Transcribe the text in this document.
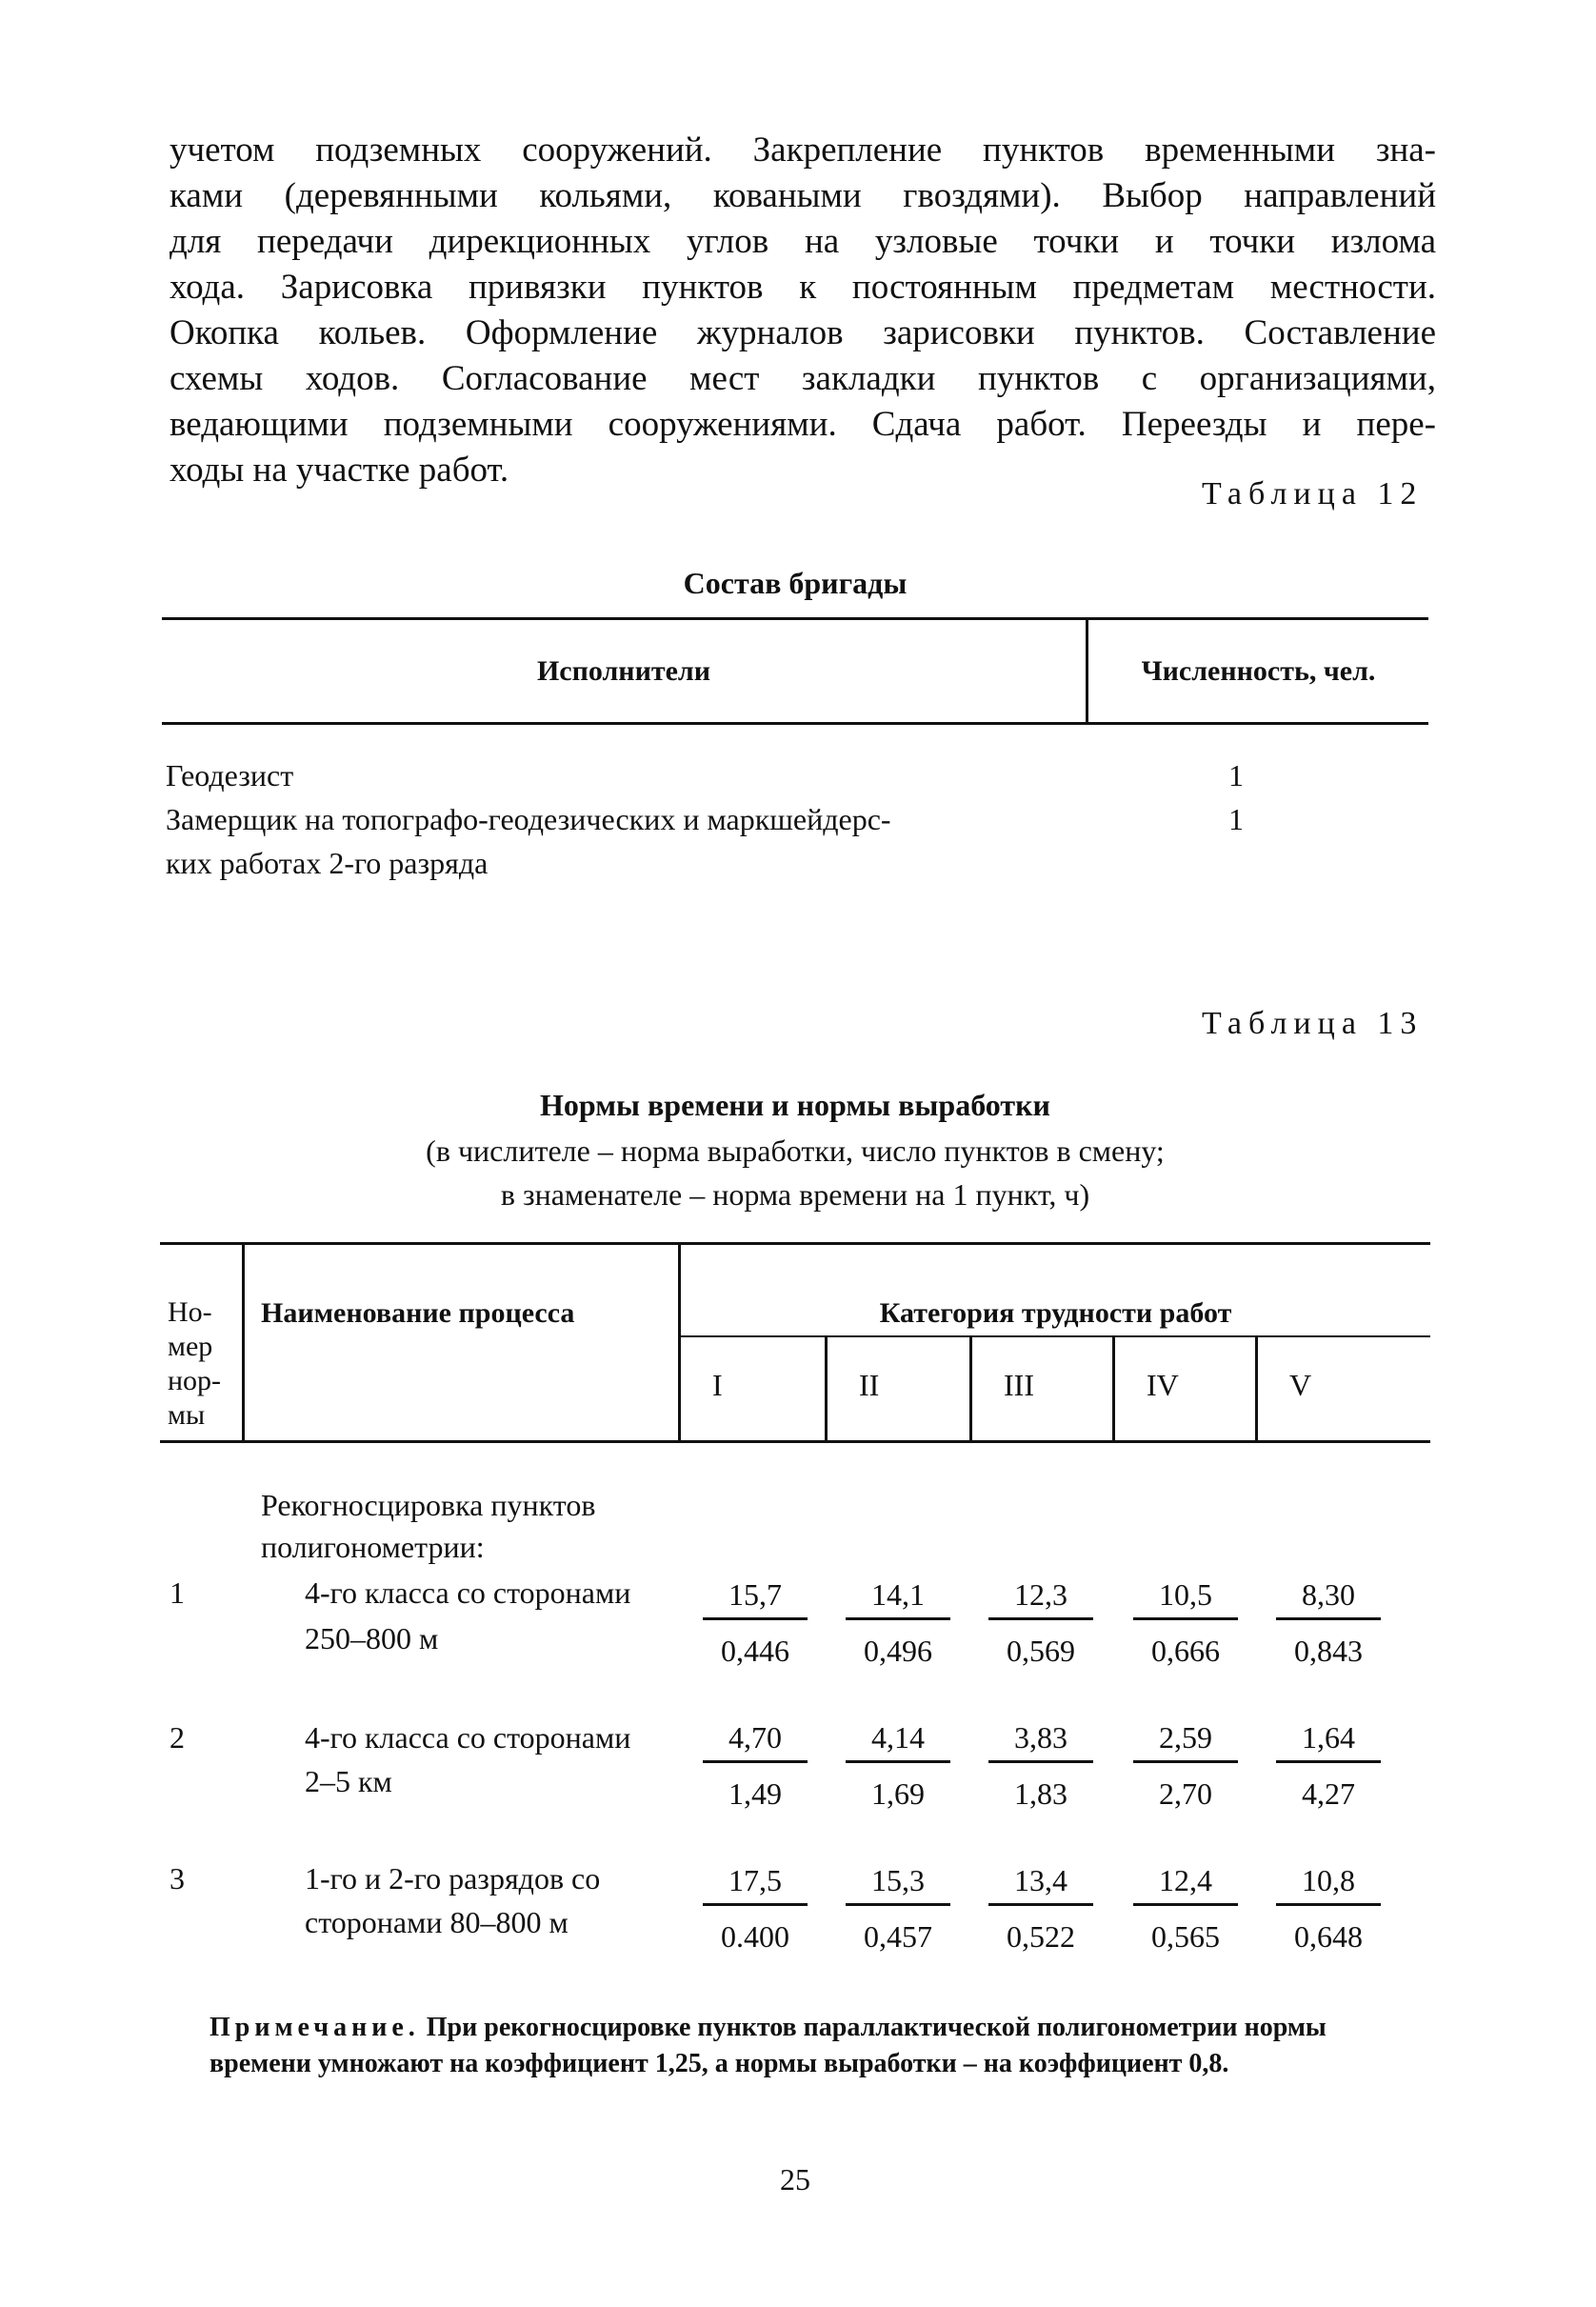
учетом подземных сооружений. Закрепление пунктов временными зна-
ками (деревянными кольями, коваными гвоздями). Выбор направлений
для передачи дирекционных углов на узловые точки и точки излома
хода. Зарисовка привязки пунктов к постоянным предметам местности.
Окопка кольев. Оформление журналов зарисовки пунктов. Составление
схемы ходов. Согласование мест закладки пунктов с организациями,
ведающими подземными сооружениями. Сдача работ. Переезды и пере-
ходы на участке работ.
Таблица 12
Состав бригады
Исполнители	Численность, чел.
Геодезист	1
Замерщик на топографо-геодезических и маркшейдерс-	1
ких работах 2-го разряда
Таблица 13
Нормы времени и нормы выработки
(в числителе – норма выработки, число пунктов в смену;
в знаменателе – норма времени на 1 пункт, ч)
Но-
мер
нор-
мы
Наименование процесса	Категория трудности работ
I	II	III	IV	V
Рекогносцировка пунктов
полигонометрии:
1	4-го класса со сторонами
250–800 м	$\frac{15,7}{0,446} \frac{14,1}{0,496} \frac{12,3}{0,569} \frac{10,5}{0,666} \frac{8,30}{0,843}$
2	4-го класса со сторонами
2–5 км	$\frac{4,70}{1,49} \frac{4,14}{1,69} \frac{3,83}{1,83} \frac{2,59}{2,70} \frac{1,64}{4,27}$
3	1-го и 2-го разрядов со
сторонами 80–800 м	$\frac{17,5}{0.400} \frac{15,3}{0,457} \frac{13,4}{0,522} \frac{12,4}{0,565} \frac{10,8}{0,648}$
Примечание. При рекогносцировке пунктов параллактической полигонометрии нормы времени умножают на коэффициент 1,25, а нормы выработки – на коэффициент 0,8.
25
